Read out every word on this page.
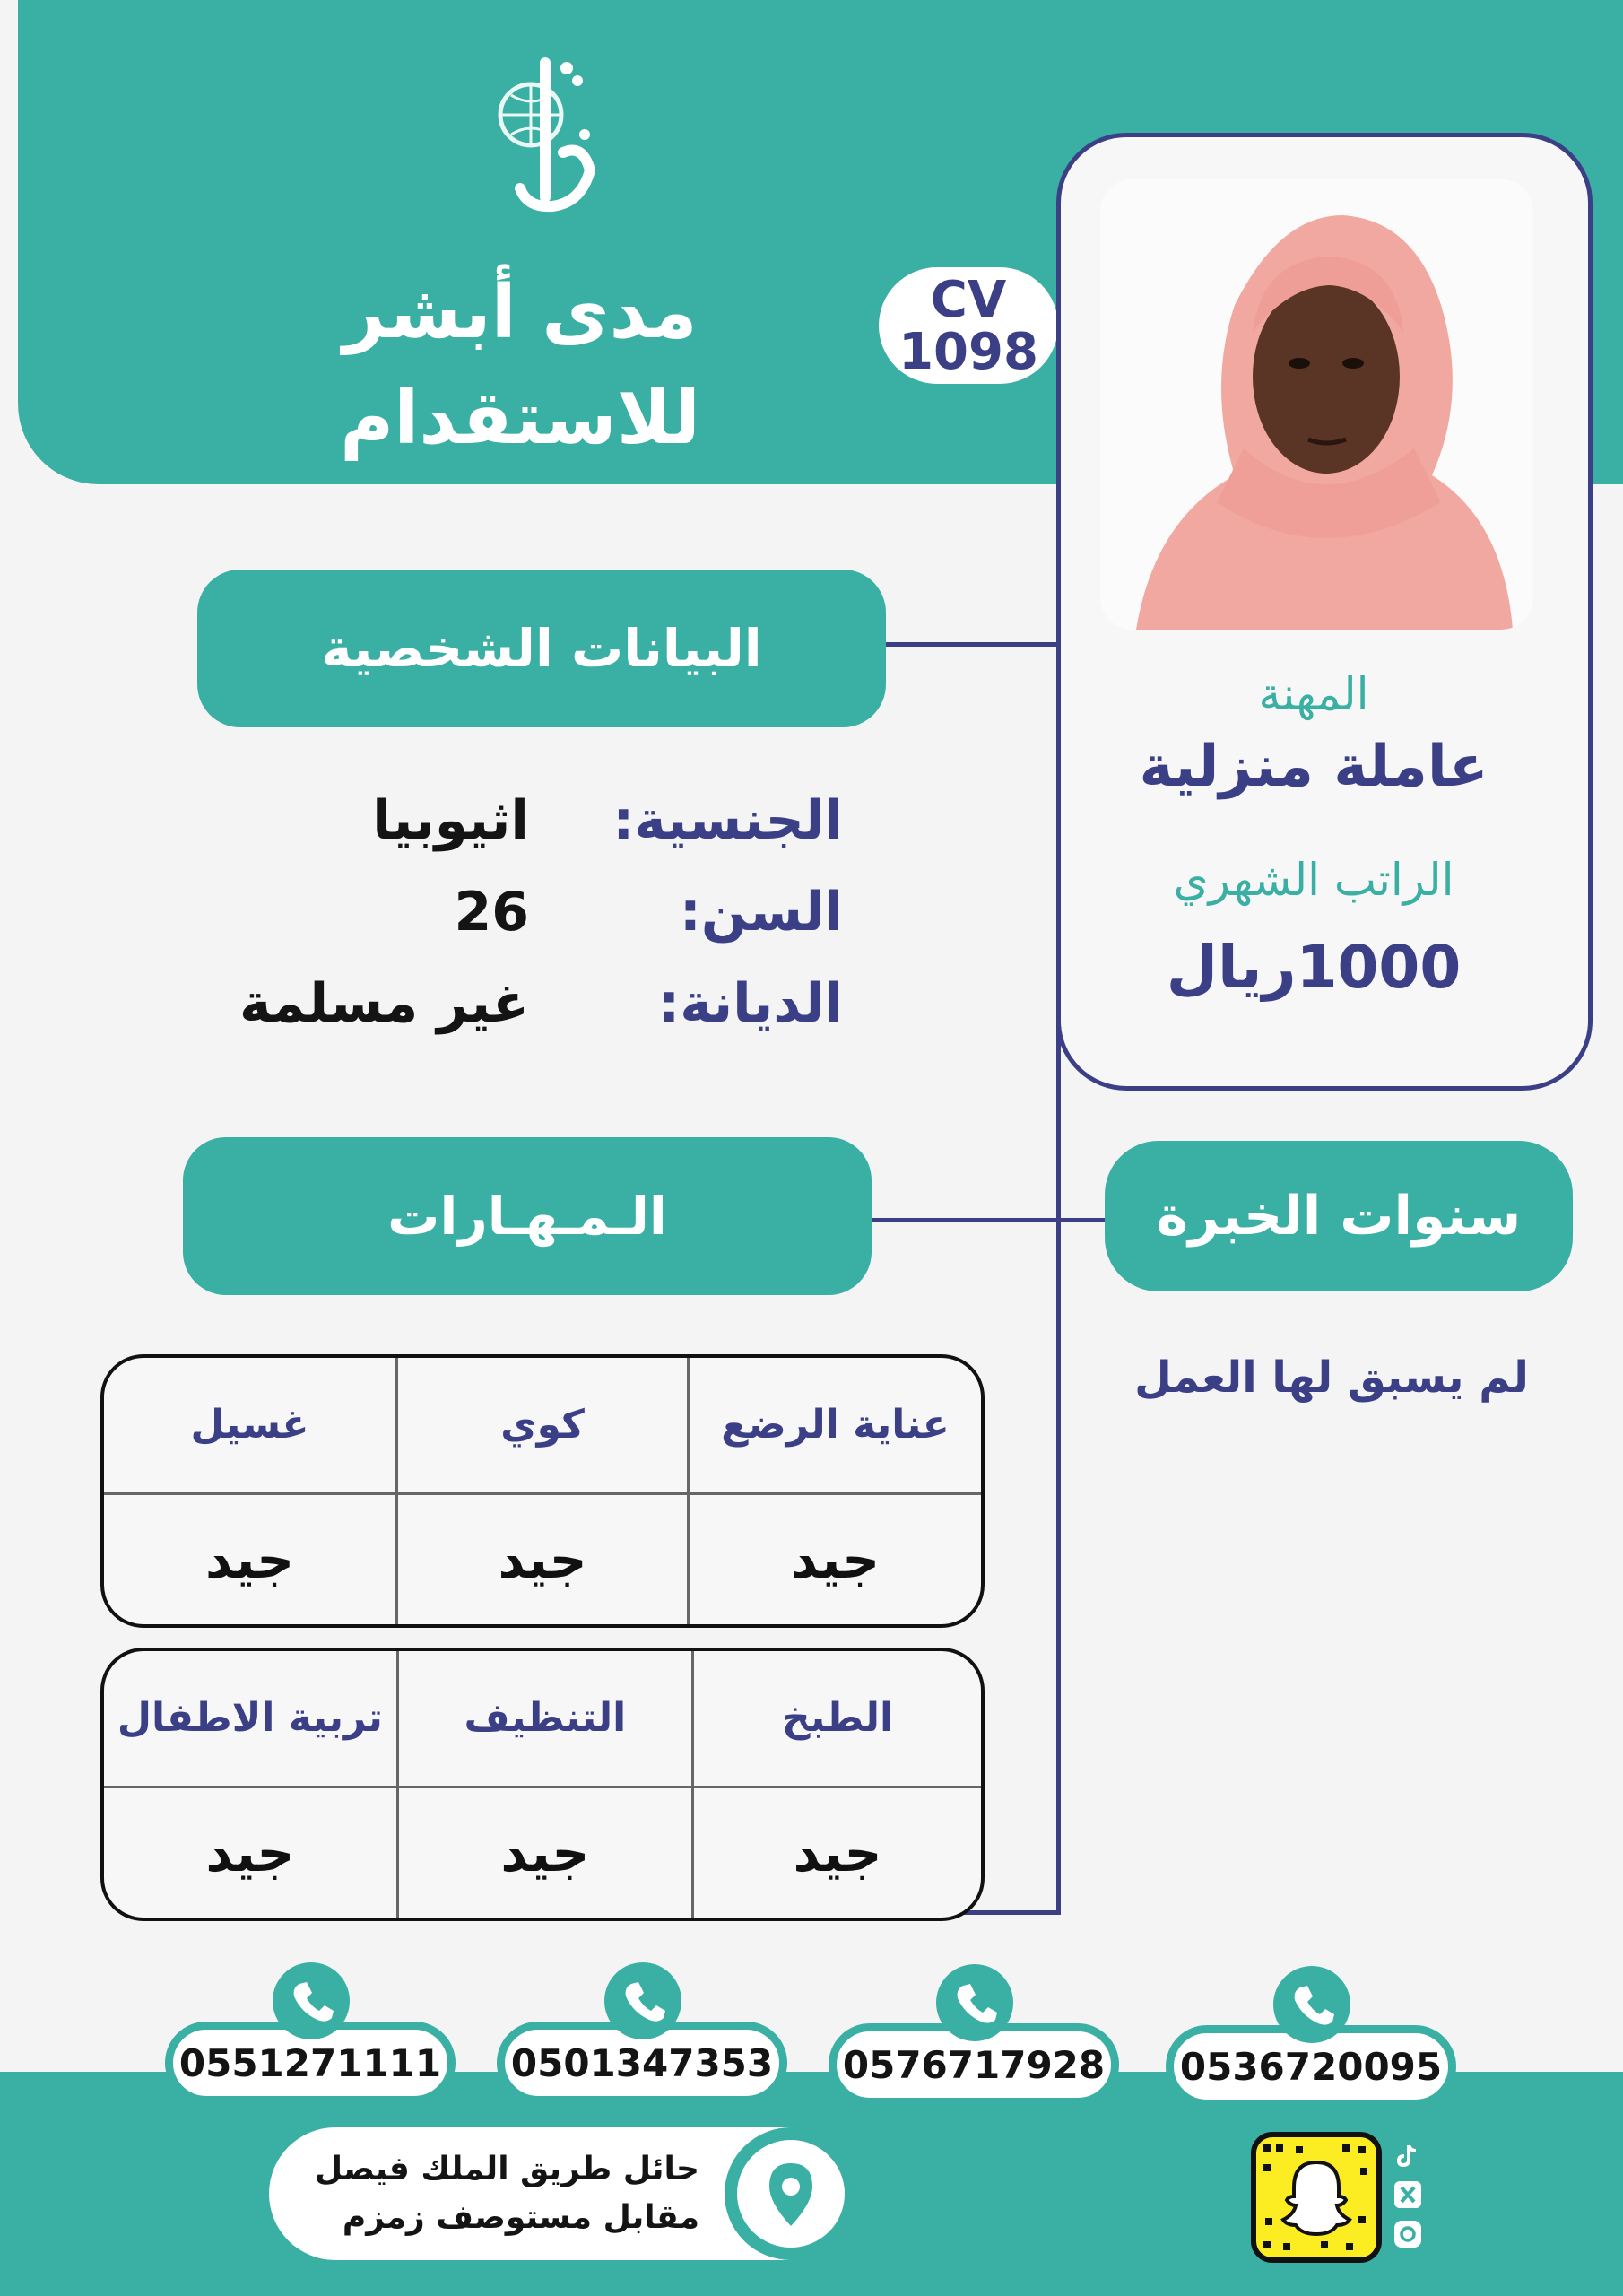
مدى أبشر
للاستقدام
CV
1098
المهنة
عاملة منزلية
الراتب الشهري
1000ريال
البيانات الشخصية
الجنسية:
اثيوبيا
السن:
26
الديانة:
غير مسلمة
سنوات الخبرة
لم يسبق لها العمل
الـمـهـارات
عناية الرضع	كوي	غسيل
جيد	جيد	جيد
الطبخ	التنظيف	تربية الاطفال
جيد	جيد	جيد
0536720095
0576717928
0501347353
0551271111
حائل طريق الملك فيصل
مقابل مستوصف زمزم
